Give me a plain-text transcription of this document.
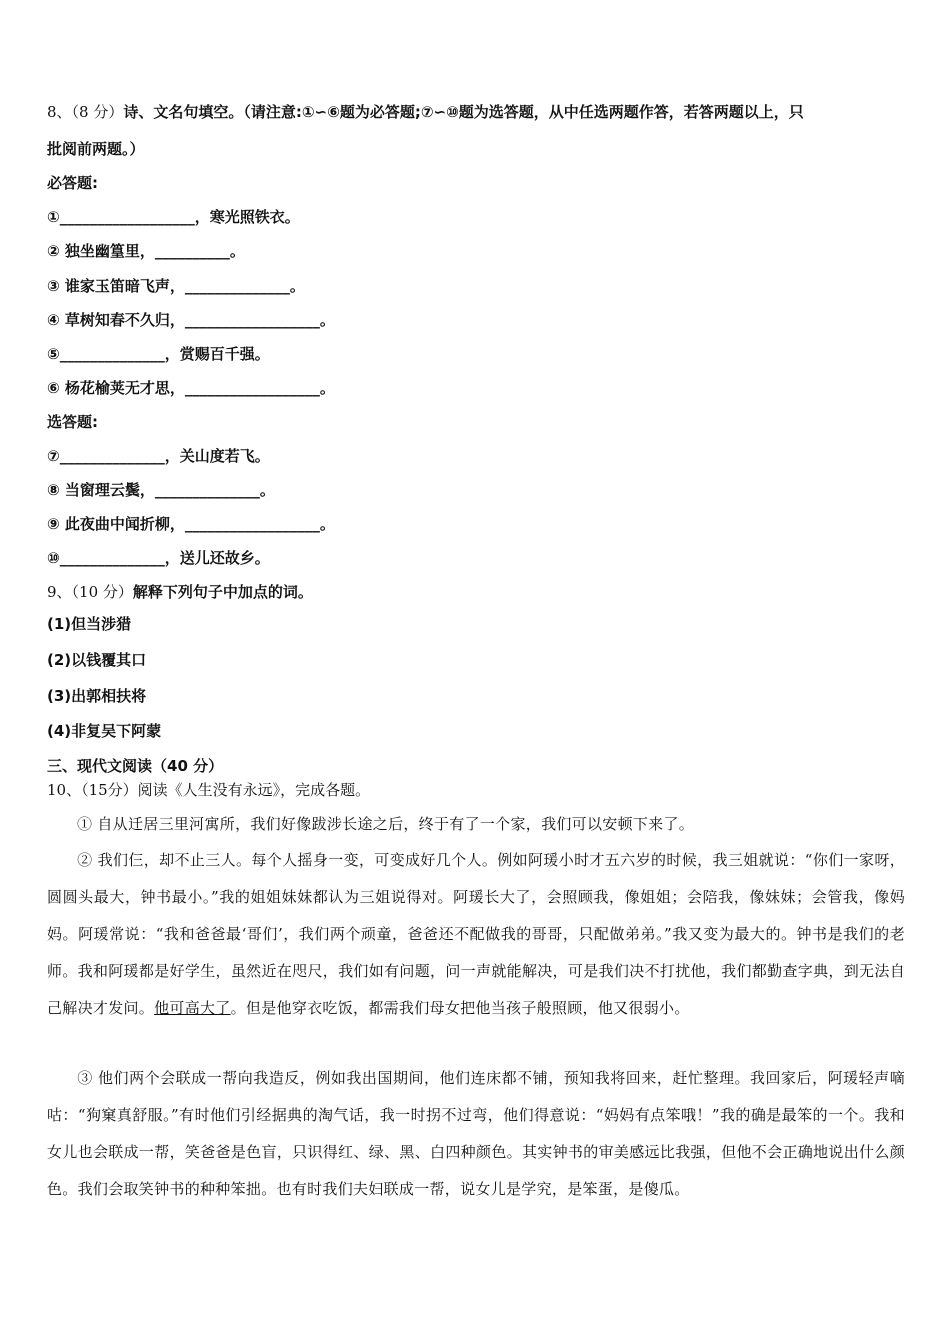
8、（8 分）诗、文名句填空。（请注意:①∽⑥题为必答题;⑦∽⑩题为选答题，从中任选两题作答，若答两题以上，只
批阅前两题。）
必答题:
①__________________，寒光照铁衣。
② 独坐幽篁里，__________。
③ 谁家玉笛暗飞声，______________。
④ 草树知春不久归，__________________。
⑤______________，赏赐百千强。
⑥ 杨花榆荚无才思，__________________。
选答题:
⑦______________，关山度若飞。
⑧ 当窗理云鬓，______________。
⑨ 此夜曲中闻折柳，__________________。
⑩______________，送儿还故乡。
9、（10 分）解释下列句子中加点的词。
(1)但当涉猎
(2)以钱覆其口
(3)出郭相扶将
(4)非复吴下阿蒙
三、现代文阅读（40 分）
10、（15分）阅读《人生没有永远》，完成各题。
① 自从迁居三里河寓所，我们好像跋涉长途之后，终于有了一个家，我们可以安顿下来了。
② 我们仨，却不止三人。每个人摇身一变，可变成好几个人。例如阿瑗小时才五六岁的时候，我三姐就说：“你们一家呀，圆圆头最大，钟书最小。”我的姐姐妹妹都认为三姐说得对。阿瑗长大了，会照顾我，像姐姐；会陪我，像妹妹；会管我，像妈妈。阿瑗常说：“我和爸爸最‘哥们’，我们两个顽童，爸爸还不配做我的哥哥，只配做弟弟。”我又变为最大的。钟书是我们的老师。我和阿瑗都是好学生，虽然近在咫尺，我们如有问题，问一声就能解决，可是我们决不打扰他，我们都勤查字典，到无法自己解决才发问。他可高大了。但是他穿衣吃饭，都需我们母女把他当孩子般照顾，他又很弱小。
③ 他们两个会联成一帮向我造反，例如我出国期间，他们连床都不铺，预知我将回来，赶忙整理。我回家后，阿瑗轻声嘀咕：“狗窠真舒服。”有时他们引经据典的淘气话，我一时拐不过弯，他们得意说：“妈妈有点笨哦！”我的确是最笨的一个。我和女儿也会联成一帮，笑爸爸是色盲，只识得红、绿、黑、白四种颜色。其实钟书的审美感远比我强，但他不会正确地说出什么颜色。我们会取笑钟书的种种笨拙。也有时我们夫妇联成一帮，说女儿是学究，是笨蛋，是傻瓜。
